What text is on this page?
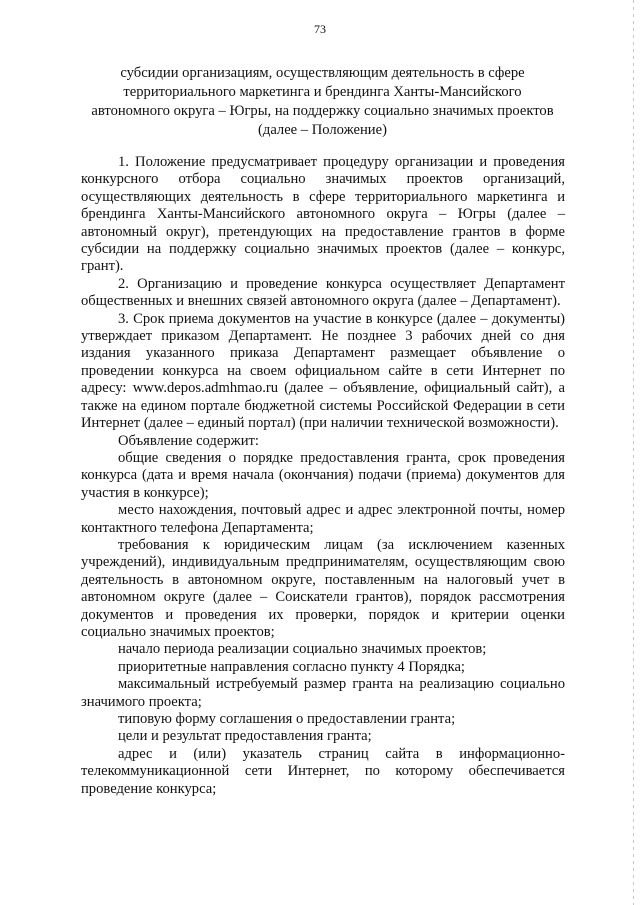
73
субсидии организациям, осуществляющим деятельность в сфере
территориального маркетинга и брендинга Ханты-Мансийского
автономного округа – Югры, на поддержку социально значимых проектов
(далее – Положение)

1. Положение предусматривает процедуру организации и проведения конкурсного отбора социально значимых проектов организаций, осуществляющих деятельность в сфере территориального маркетинга и брендинга Ханты-Мансийского автономного округа – Югры (далее – автономный округ), претендующих на предоставление грантов в форме субсидии на поддержку социально значимых проектов (далее – конкурс, грант).

2. Организацию и проведение конкурса осуществляет Департамент общественных и внешних связей автономного округа (далее – Департамент).

3. Срок приема документов на участие в конкурсе (далее – документы) утверждает приказом Департамент. Не позднее 3 рабочих дней со дня издания указанного приказа Департамент размещает объявление о проведении конкурса на своем официальном сайте в сети Интернет по адресу: www.depos.admhmao.ru (далее – объявление, официальный сайт), а также на едином портале бюджетной системы Российской Федерации в сети Интернет (далее – единый портал) (при наличии технической возможности).

Объявление содержит:

общие сведения о порядке предоставления гранта, срок проведения конкурса (дата и время начала (окончания) подачи (приема) документов для участия в конкурсе);

место нахождения, почтовый адрес и адрес электронной почты, номер контактного телефона Департамента;

требования к юридическим лицам (за исключением казенных учреждений), индивидуальным предпринимателям, осуществляющим свою деятельность в автономном округе, поставленным на налоговый учет в автономном округе (далее – Соискатели грантов), порядок рассмотрения документов и проведения их проверки, порядок и критерии оценки социально значимых проектов;

начало периода реализации социально значимых проектов;

приоритетные направления согласно пункту 4 Порядка;

максимальный истребуемый размер гранта на реализацию социально значимого проекта;

типовую форму соглашения о предоставлении гранта;

цели и результат предоставления гранта;

адрес и (или) указатель страниц сайта в информационно-телекоммуникационной сети Интернет, по которому обеспечивается проведение конкурса;
